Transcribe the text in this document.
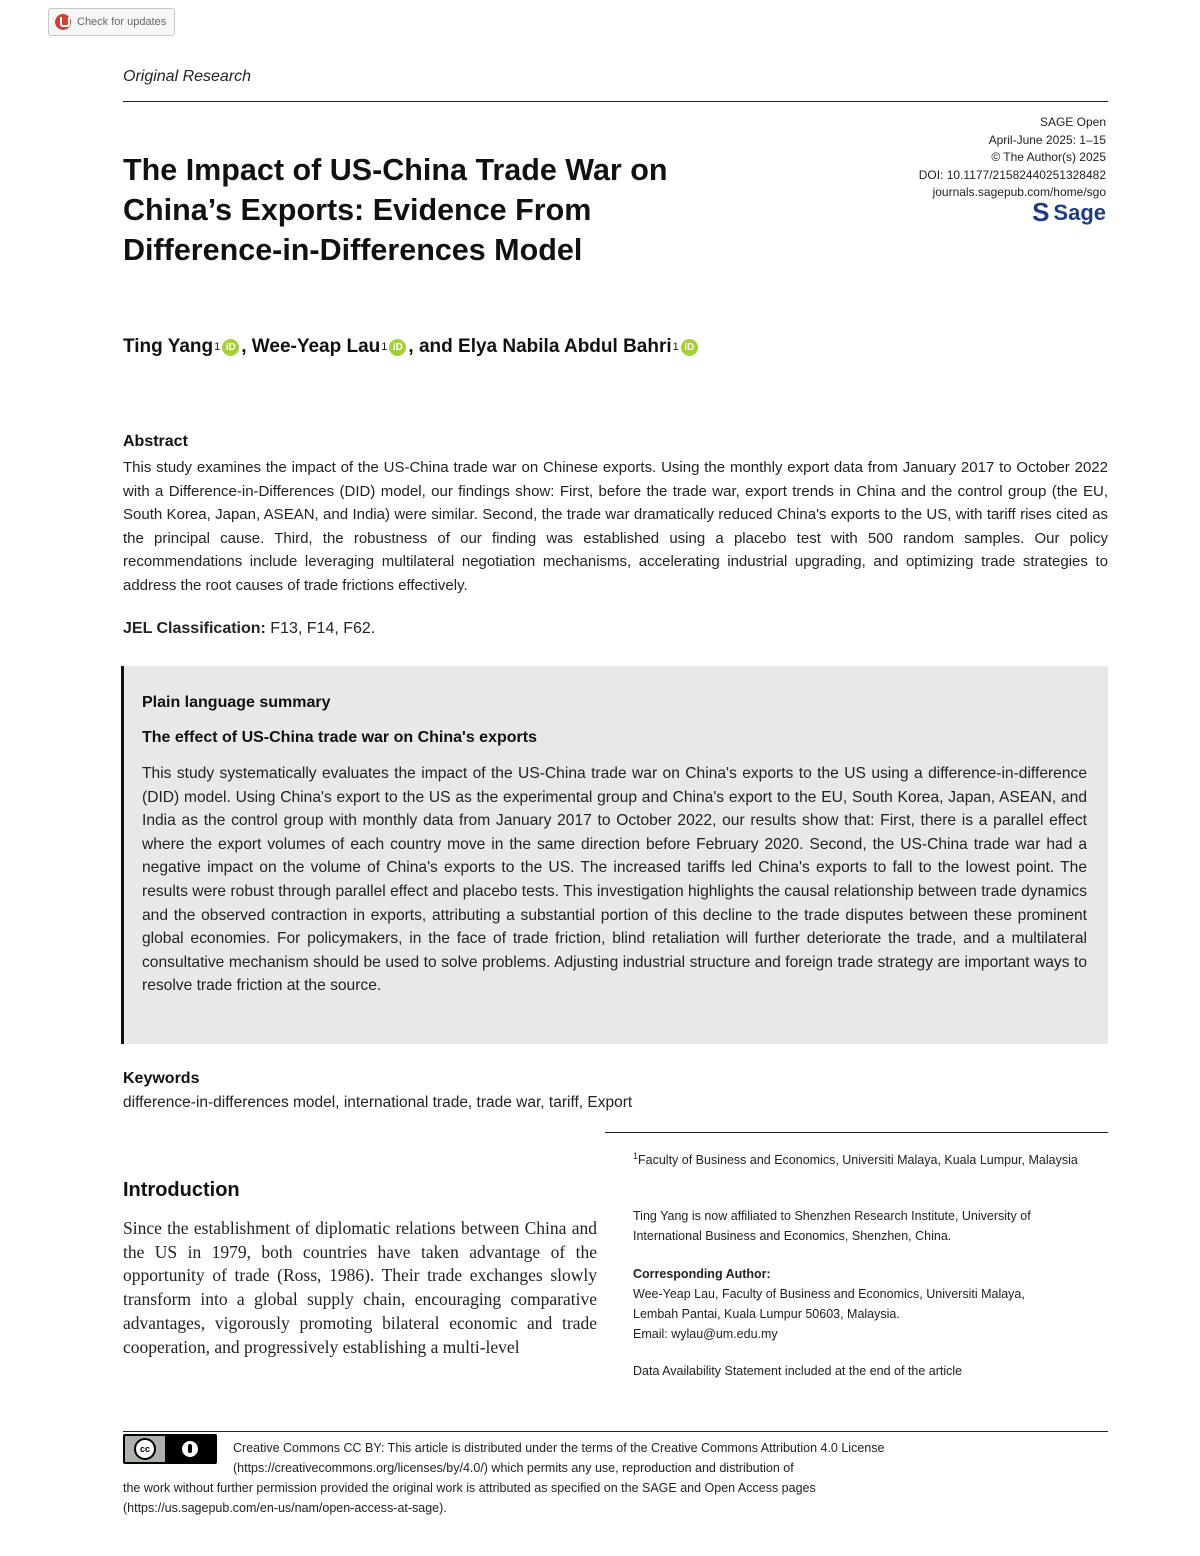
Check for updates
Original Research
SAGE Open
April-June 2025: 1–15
© The Author(s) 2025
DOI: 10.1177/21582440251328482
journals.sagepub.com/home/sgo
S Sage
The Impact of US-China Trade War on China’s Exports: Evidence From Difference-in-Differences Model
Ting Yang 1 iD , Wee-Yeap Lau 1 iD , and Elya Nabila Abdul Bahri 1 iD
Abstract

This study examines the impact of the US-China trade war on Chinese exports. Using the monthly export data from January 2017 to October 2022 with a Difference-in-Differences (DID) model, our findings show: First, before the trade war, export trends in China and the control group (the EU, South Korea, Japan, ASEAN, and India) were similar. Second, the trade war dramatically reduced China's exports to the US, with tariff rises cited as the principal cause. Third, the robustness of our finding was established using a placebo test with 500 random samples. Our policy recommendations include leveraging multilateral negotiation mechanisms, accelerating industrial upgrading, and optimizing trade strategies to address the root causes of trade frictions effectively.

JEL Classification: F13, F14, F62.
Plain language summary
The effect of US-China trade war on China's exports

This study systematically evaluates the impact of the US-China trade war on China's exports to the US using a difference-in-difference (DID) model. Using China's export to the US as the experimental group and China's export to the EU, South Korea, Japan, ASEAN, and India as the control group with monthly data from January 2017 to October 2022, our results show that: First, there is a parallel effect where the export volumes of each country move in the same direction before February 2020. Second, the US-China trade war had a negative impact on the volume of China's exports to the US. The increased tariffs led China's exports to fall to the lowest point. The results were robust through parallel effect and placebo tests. This investigation highlights the causal relationship between trade dynamics and the observed contraction in exports, attributing a substantial portion of this decline to the trade disputes between these prominent global economies. For policymakers, in the face of trade friction, blind retaliation will further deteriorate the trade, and a multilateral consultative mechanism should be used to solve problems. Adjusting industrial structure and foreign trade strategy are important ways to resolve trade friction at the source.

Keywords
difference-in-differences model, international trade, trade war, tariff, Export
$^1$Faculty of Business and Economics, Universiti Malaya, Kuala Lumpur, Malaysia
Ting Yang is now affiliated to Shenzhen Research Institute, University of International Business and Economics, Shenzhen, China.
Corresponding Author:
Wee-Yeap Lau, Faculty of Business and Economics, Universiti Malaya,
Lembah Pantai, Kuala Lumpur 50603, Malaysia.
Email: wylau@um.edu.my
Data Availability Statement included at the end of the article
Introduction

Since the establishment of diplomatic relations between China and the US in 1979, both countries have taken advantage of the opportunity of trade (Ross, 1986). Their trade exchanges slowly transform into a global supply chain, encouraging comparative advantages, vigorously promoting bilateral economic and trade cooperation, and progressively establishing a multi-level

cc	Creative Commons CC BY: This article is distributed under the terms of the Creative Commons Attribution 4.0 License
(https://creativecommons.org/licenses/by/4.0/) which permits any use, reproduction and distribution of
the work without further permission provided the original work is attributed as specified on the SAGE and Open Access pages
(https://us.sagepub.com/en-us/nam/open-access-at-sage).
